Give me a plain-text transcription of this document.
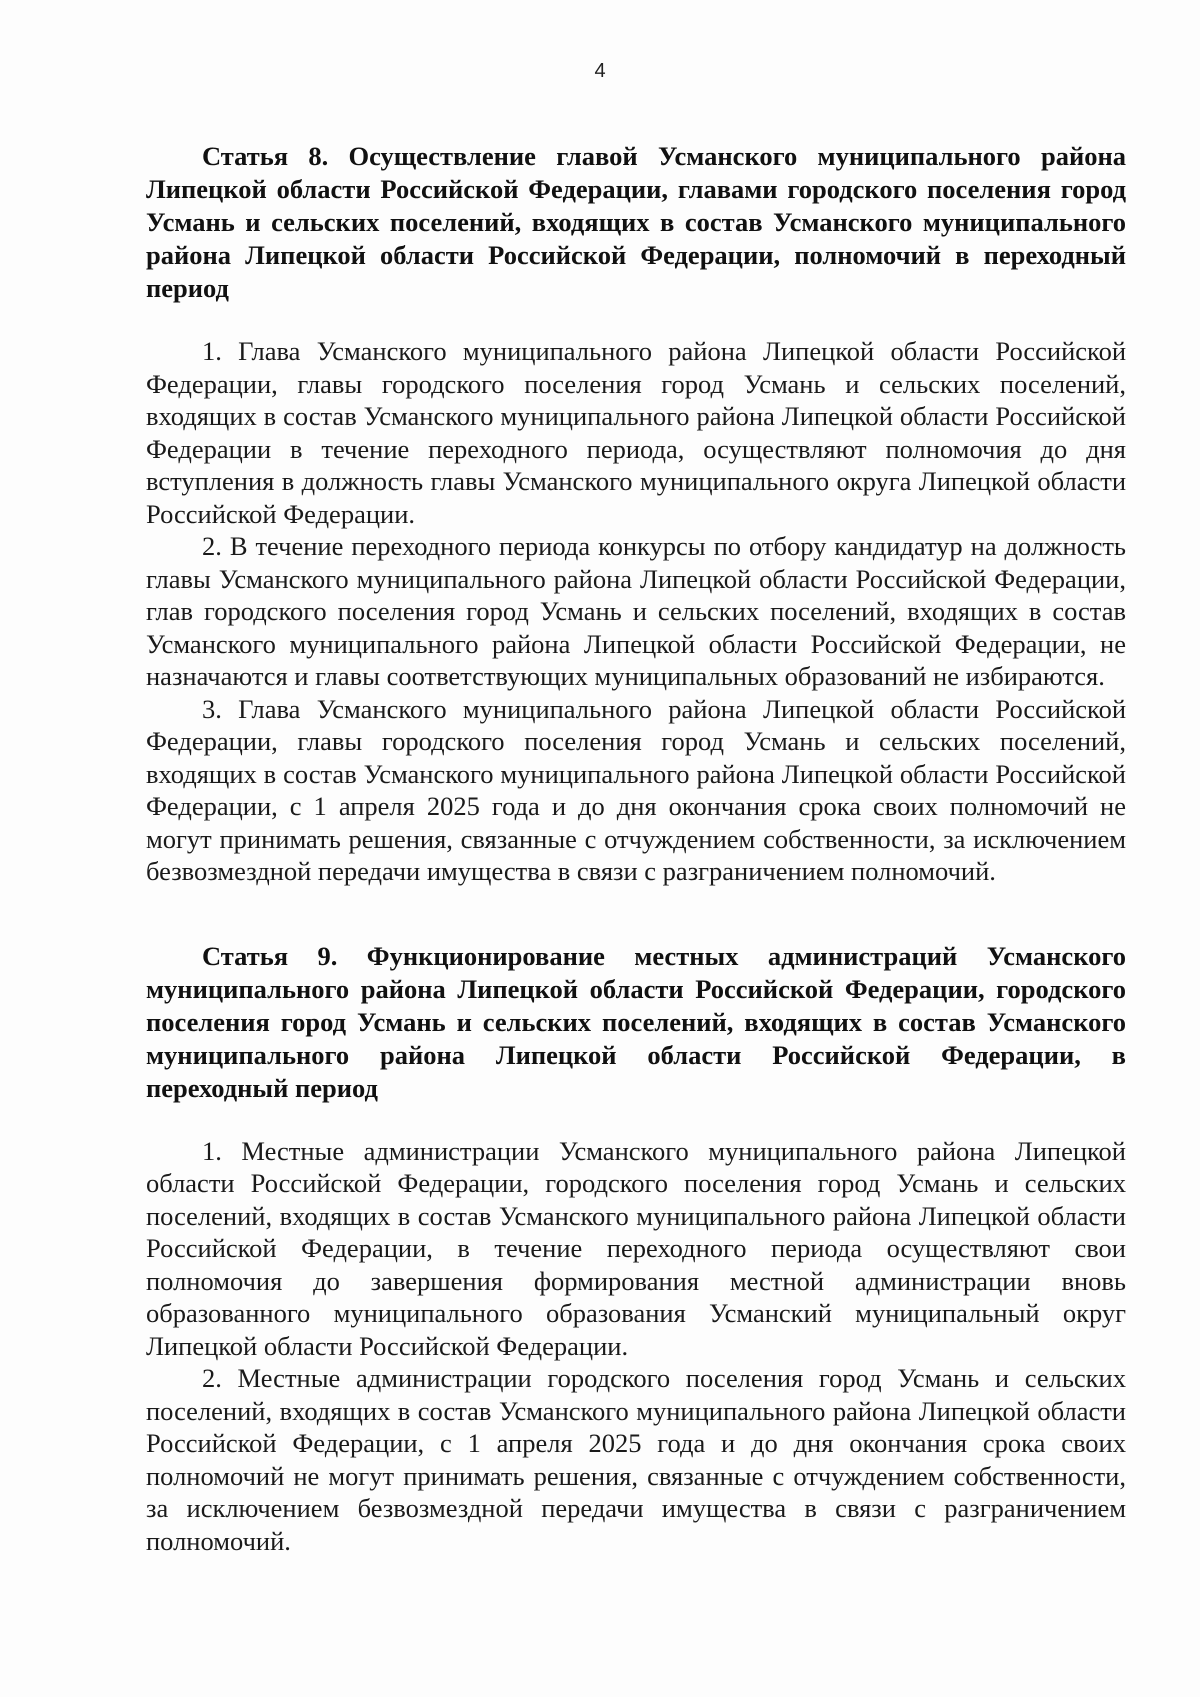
4

Статья 8. Осуществление главой Усманского муниципального района Липецкой области Российской Федерации, главами городского поселения город Усмань и сельских поселений, входящих в состав Усманского муниципального района Липецкой области Российской Федерации, полномочий в переходный период

1. Глава Усманского муниципального района Липецкой области Российской Федерации, главы городского поселения город Усмань и сельских поселений, входящих в состав Усманского муниципального района Липецкой области Российской Федерации в течение переходного периода, осуществляют полномочия до дня вступления в должность главы Усманского муниципального округа Липецкой области Российской Федерации.

2. В течение переходного периода конкурсы по отбору кандидатур на должность главы Усманского муниципального района Липецкой области Российской Федерации, глав городского поселения город Усмань и сельских поселений, входящих в состав Усманского муниципального района Липецкой области Российской Федерации, не назначаются и главы соответствующих муниципальных образований не избираются.

3. Глава Усманского муниципального района Липецкой области Российской Федерации, главы городского поселения город Усмань и сельских поселений, входящих в состав Усманского муниципального района Липецкой области Российской Федерации, с 1 апреля 2025 года и до дня окончания срока своих полномочий не могут принимать решения, связанные с отчуждением собственности, за исключением безвозмездной передачи имущества в связи с разграничением полномочий.

Статья 9. Функционирование местных администраций Усманского муниципального района Липецкой области Российской Федерации, городского поселения город Усмань и сельских поселений, входящих в состав Усманского муниципального района Липецкой области Российской Федерации, в переходный период

1. Местные администрации Усманского муниципального района Липецкой области Российской Федерации, городского поселения город Усмань и сельских поселений, входящих в состав Усманского муниципального района Липецкой области Российской Федерации, в течение переходного периода осуществляют свои полномочия до завершения формирования местной администрации вновь образованного муниципального образования Усманский муниципальный округ Липецкой области Российской Федерации.

2. Местные администрации городского поселения город Усмань и сельских поселений, входящих в состав Усманского муниципального района Липецкой области Российской Федерации, с 1 апреля 2025 года и до дня окончания срока своих полномочий не могут принимать решения, связанные с отчуждением собственности, за исключением безвозмездной передачи имущества в связи с разграничением полномочий.
